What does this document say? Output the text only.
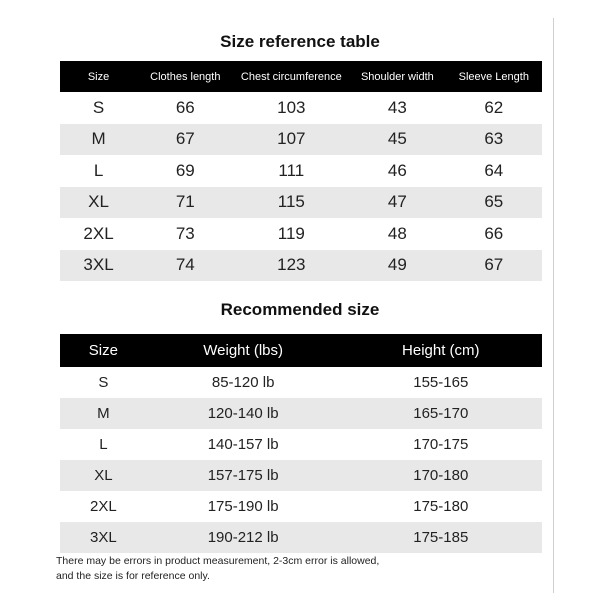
Size reference table
Size	Clothes length	Chest circumference	Shoulder width	Sleeve Length
S	66	103	43	62
M	67	107	45	63
L	69	111	46	64
XL	71	115	47	65
2XL	73	119	48	66
3XL	74	123	49	67
Recommended size
Size	Weight (lbs)	Height (cm)
S	85-120 lb	155-165
M	120-140 lb	165-170
L	140-157 lb	170-175
XL	157-175 lb	170-180
2XL	175-190 lb	175-180
3XL	190-212 lb	175-185
There may be errors in product measurement, 2-3cm error is allowed,
and the size is for reference only.
